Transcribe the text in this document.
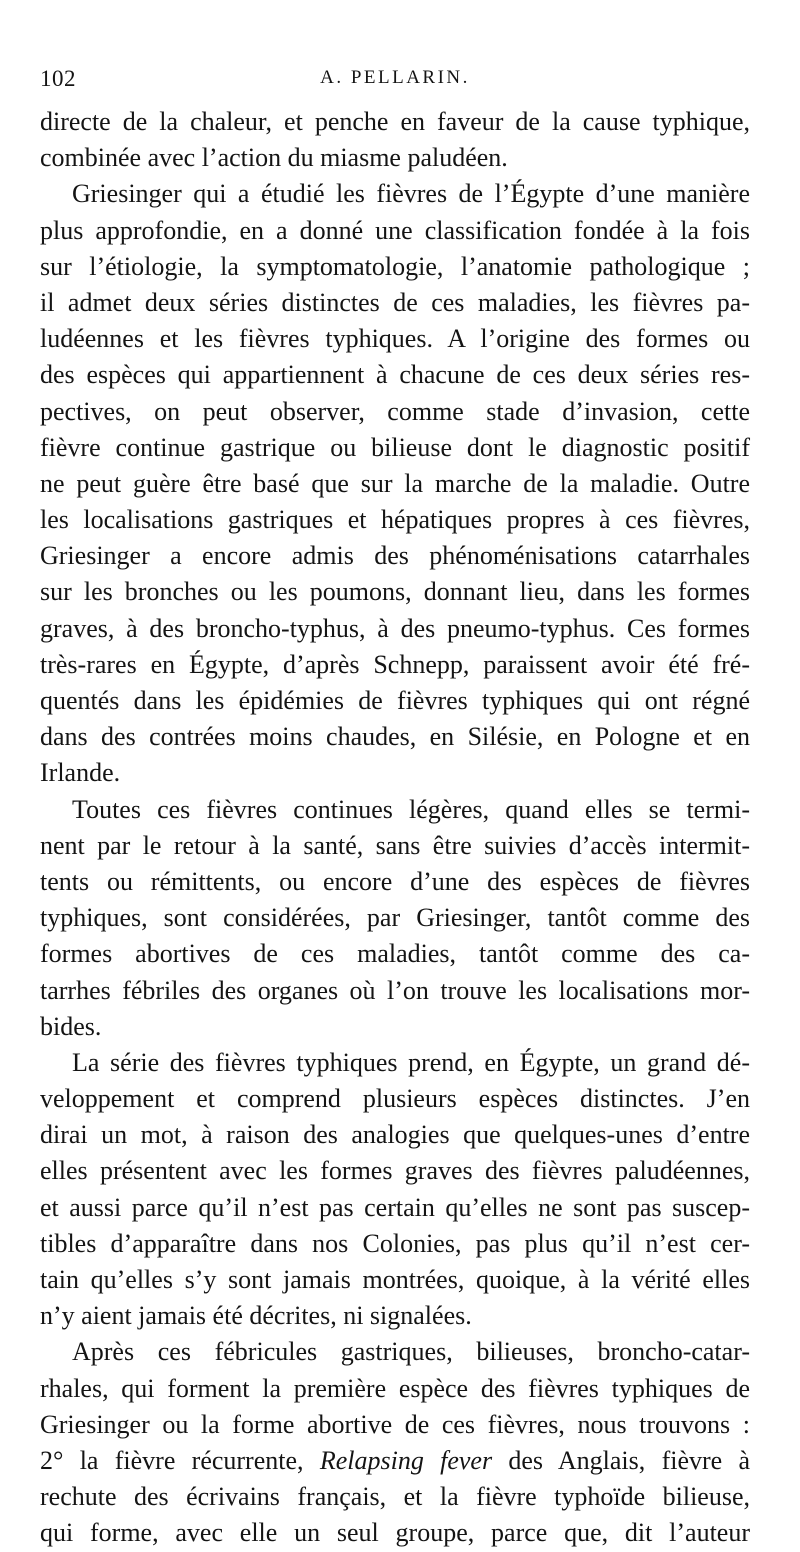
102	A. PELLARIN.
directe de la chaleur, et penche en faveur de la cause typhique,
combinée avec l’action du miasme paludéen.
Griesinger qui a étudié les fièvres de l’Égypte d’une manière
plus approfondie, en a donné une classification fondée à la fois
sur l’étiologie, la symptomatologie, l’anatomie pathologique ;
il admet deux séries distinctes de ces maladies, les fièvres pa-
ludéennes et les fièvres typhiques. A l’origine des formes ou
des espèces qui appartiennent à chacune de ces deux séries res-
pectives, on peut observer, comme stade d’invasion, cette
fièvre continue gastrique ou bilieuse dont le diagnostic positif
ne peut guère être basé que sur la marche de la maladie. Outre
les localisations gastriques et hépatiques propres à ces fièvres,
Griesinger a encore admis des phénoménisations catarrhales
sur les bronches ou les poumons, donnant lieu, dans les formes
graves, à des broncho-typhus, à des pneumo-typhus. Ces formes
très-rares en Égypte, d’après Schnepp, paraissent avoir été fré-
quentés dans les épidémies de fièvres typhiques qui ont régné
dans des contrées moins chaudes, en Silésie, en Pologne et en
Irlande.
Toutes ces fièvres continues légères, quand elles se termi-
nent par le retour à la santé, sans être suivies d’accès intermit-
tents ou rémittents, ou encore d’une des espèces de fièvres
typhiques, sont considérées, par Griesinger, tantôt comme des
formes abortives de ces maladies, tantôt comme des ca-
tarrhes fébriles des organes où l’on trouve les localisations mor-
bides.
La série des fièvres typhiques prend, en Égypte, un grand dé-
veloppement et comprend plusieurs espèces distinctes. J’en
dirai un mot, à raison des analogies que quelques-unes d’entre
elles présentent avec les formes graves des fièvres paludéennes,
et aussi parce qu’il n’est pas certain qu’elles ne sont pas suscep-
tibles d’apparaître dans nos Colonies, pas plus qu’il n’est cer-
tain qu’elles s’y sont jamais montrées, quoique, à la vérité elles
n’y aient jamais été décrites, ni signalées.
Après ces fébricules gastriques, bilieuses, broncho-catar-
rhales, qui forment la première espèce des fièvres typhiques de
Griesinger ou la forme abortive de ces fièvres, nous trouvons :
2° la fièvre récurrente, Relapsing fever des Anglais, fièvre à
rechute des écrivains français, et la fièvre typhoïde bilieuse,
qui forme, avec elle un seul groupe, parce que, dit l’auteur
